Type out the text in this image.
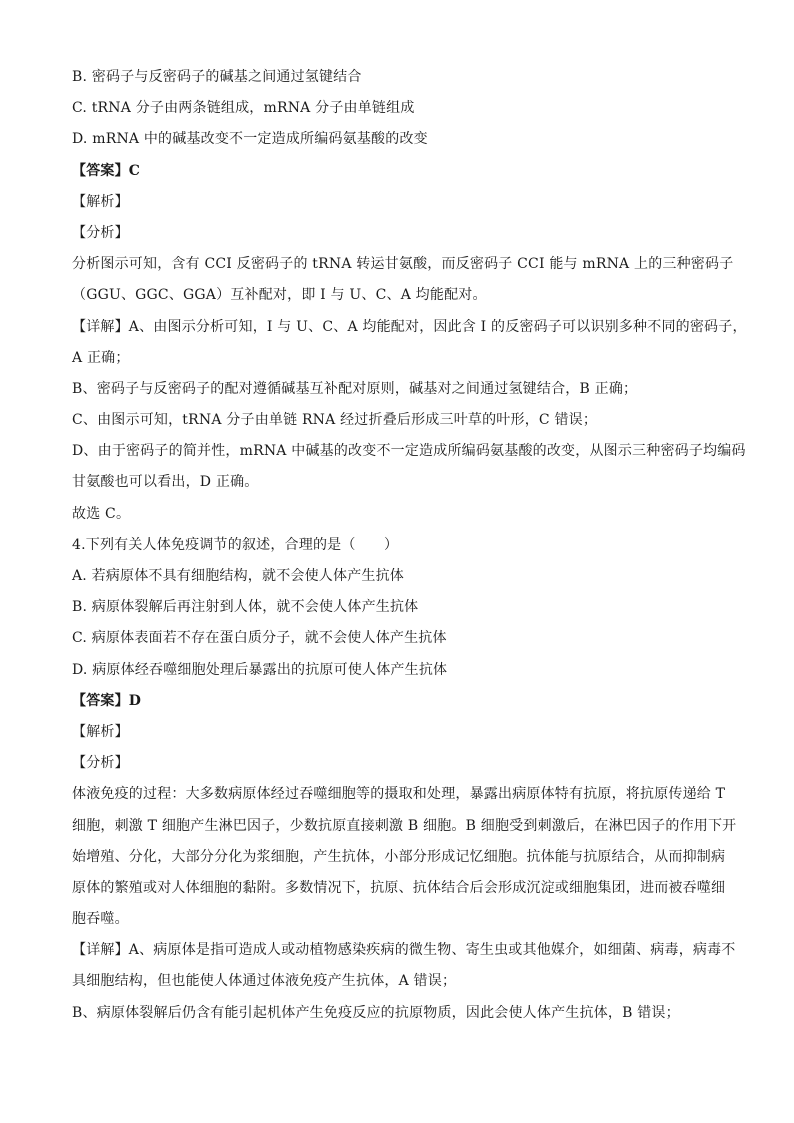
B. 密码子与反密码子的碱基之间通过氢键结合
C. tRNA 分子由两条链组成，mRNA 分子由单链组成
D. mRNA 中的碱基改变不一定造成所编码氨基酸的改变
【答案】C
【解析】
【分析】
分析图示可知，含有 CCI 反密码子的 tRNA 转运甘氨酸，而反密码子 CCI 能与 mRNA 上的三种密码子
（GGU、GGC、GGA）互补配对，即 I 与 U、C、A 均能配对。
【详解】A、由图示分析可知，I 与 U、C、A 均能配对，因此含 I 的反密码子可以识别多种不同的密码子，
A 正确；
B、密码子与反密码子的配对遵循碱基互补配对原则，碱基对之间通过氢键结合，B 正确；
C、由图示可知，tRNA 分子由单链 RNA 经过折叠后形成三叶草的叶形，C 错误；
D、由于密码子的简并性，mRNA 中碱基的改变不一定造成所编码氨基酸的改变，从图示三种密码子均编码
甘氨酸也可以看出，D 正确。
故选 C。
4.下列有关人体免疫调节的叙述，合理的是（　　）
A. 若病原体不具有细胞结构，就不会使人体产生抗体
B. 病原体裂解后再注射到人体，就不会使人体产生抗体
C. 病原体表面若不存在蛋白质分子，就不会使人体产生抗体
D. 病原体经吞噬细胞处理后暴露出的抗原可使人体产生抗体
【答案】D
【解析】
【分析】
体液免疫的过程：大多数病原体经过吞噬细胞等的摄取和处理，暴露出病原体特有抗原，将抗原传递给 T
细胞，刺激 T 细胞产生淋巴因子，少数抗原直接刺激 B 细胞。B 细胞受到刺激后，在淋巴因子的作用下开
始增殖、分化，大部分分化为浆细胞，产生抗体，小部分形成记忆细胞。抗体能与抗原结合，从而抑制病
原体的繁殖或对人体细胞的黏附。多数情况下，抗原、抗体结合后会形成沉淀或细胞集团，进而被吞噬细
胞吞噬。
【详解】A、病原体是指可造成人或动植物感染疾病的微生物、寄生虫或其他媒介，如细菌、病毒，病毒不
具细胞结构，但也能使人体通过体液免疫产生抗体，A 错误；
B、病原体裂解后仍含有能引起机体产生免疫反应的抗原物质，因此会使人体产生抗体，B 错误；
